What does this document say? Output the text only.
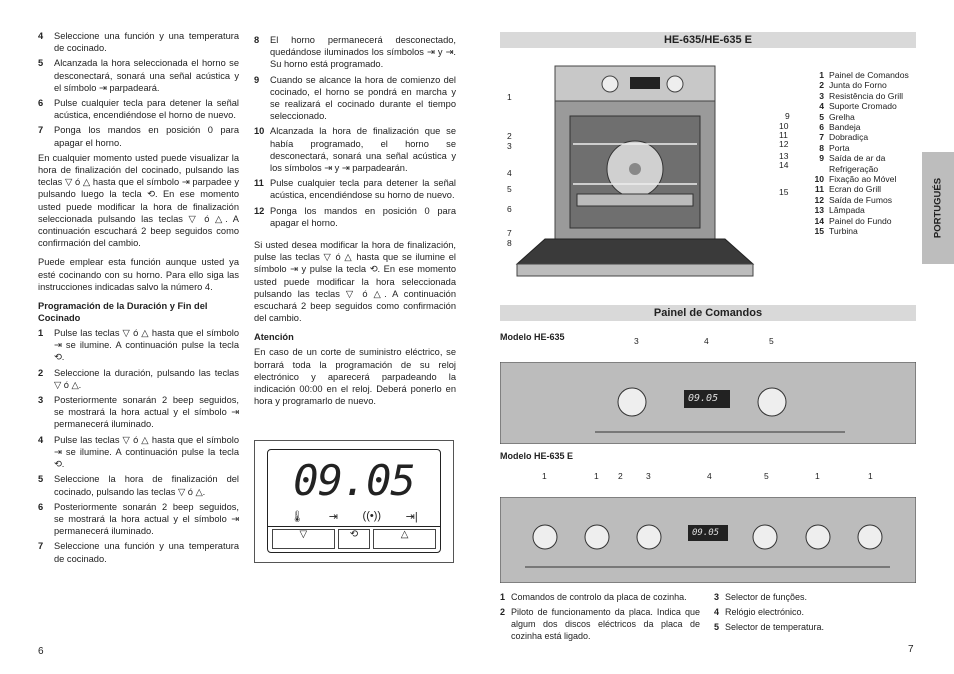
4	Seleccione una función y una temperatura de cocinado.
5	Alcanzada la hora seleccionada el horno se desconectará, sonará una señal acústica y el símbolo ⇥ parpadeará.
6	Pulse cualquier tecla para detener la señal acústica, encendiéndose el horno de nuevo.
7	Ponga los mandos en posición 0 para apagar el horno.

En cualquier momento usted puede visualizar la hora de finalización del cocinado, pulsando las teclas ▽ ó △ hasta que el símbolo ⇥ parpadee y pulsando luego la tecla ⟲. En ese momento usted puede modificar la hora de finalización seleccionada pulsando las teclas ▽ ó △. A continuación escuchará 2 beep seguidos como confirmación del cambio.

Puede emplear esta función aunque usted ya esté cocinando con su horno. Para ello siga las instrucciones indicadas salvo la número 4.

Programación de la Duración y Fin del Cocinado
1	Pulse las teclas ▽ ó △ hasta que el símbolo ⇥ se ilumine. A continuación pulse la tecla ⟲.
2	Seleccione la duración, pulsando las teclas ▽ ó △.
3	Posteriormente sonarán 2 beep seguidos, se mostrará la hora actual y el símbolo ⇥ permanecerá iluminado.
4	Pulse las teclas ▽ ó △ hasta que el símbolo ⇥ se ilumine. A continuación pulse la tecla ⟲.
5	Seleccione la hora de finalización del cocinado, pulsando las teclas ▽ ó △.
6	Posteriormente sonarán 2 beep seguidos, se mostrará la hora actual y el símbolo ⇥ permanecerá iluminado.
7	Seleccione una función y una temperatura de cocinado.
8	El horno permanecerá desconectado, quedándose iluminados los símbolos ⇥ y ⇥. Su horno está programado.
9	Cuando se alcance la hora de comienzo del cocinado, el horno se pondrá en marcha y se realizará el cocinado durante el tiempo seleccionado.
10 Alcanzada la hora de finalización que se había programado, el horno se desconectará, sonará una señal acústica y los símbolos ⇥ y ⇥ parpadearán.
11 Pulse cualquier tecla para detener la señal acústica, encendiéndose su horno de nuevo.
12 Ponga los mandos en posición 0 para apagar el horno.

Si usted desea modificar la hora de finalización, pulse las teclas ▽ ó △ hasta que se ilumine el símbolo ⇥ y pulse la tecla ⟲. En ese momento usted puede modificar la hora seleccionada pulsando las teclas ▽ ó △. A continuación escuchará 2 beep seguidos como confirmación del cambio.

Atención

En caso de un corte de suministro eléctrico, se borrará toda la programación de su reloj electrónico y aparecerá parpadeando la indicación 00:00 en el reloj. Deberá ponerlo en hora y programarlo de nuevo.

09.05
🌡 ⇥ ((•)) ⇥|
▽	⟲	△
6	7
HE-635/HE-635 E
PORTUGUÉS
1
2
3
4
5
6
7
8
9
10
11
12
13
14
15
1 Painel de Comandos
2 Junta do Forno
3 Resistência do Grill
4 Suporte Cromado
5 Grelha
6 Bandeja
7 Dobradiça
8 Porta
9 Saída de ar da Refrigeração
10 Fixação ao Móvel
11 Ecran do Grill
12 Saída de Fumos
13 Lâmpada
14 Painel do Fundo
15 Turbina
Painel de Comandos
Modelo HE-635	3	4	5
09.05
Modelo HE-635 E
1	1 2	3	4	5	1	1
09.05
1 Comandos de controlo da placa de cozinha.
2 Piloto de funcionamento da placa. Indica que algum dos discos eléctricos da placa de cozinha está ligado.
3 Selector de funções.
4 Relógio electrónico.
5 Selector de temperatura.
